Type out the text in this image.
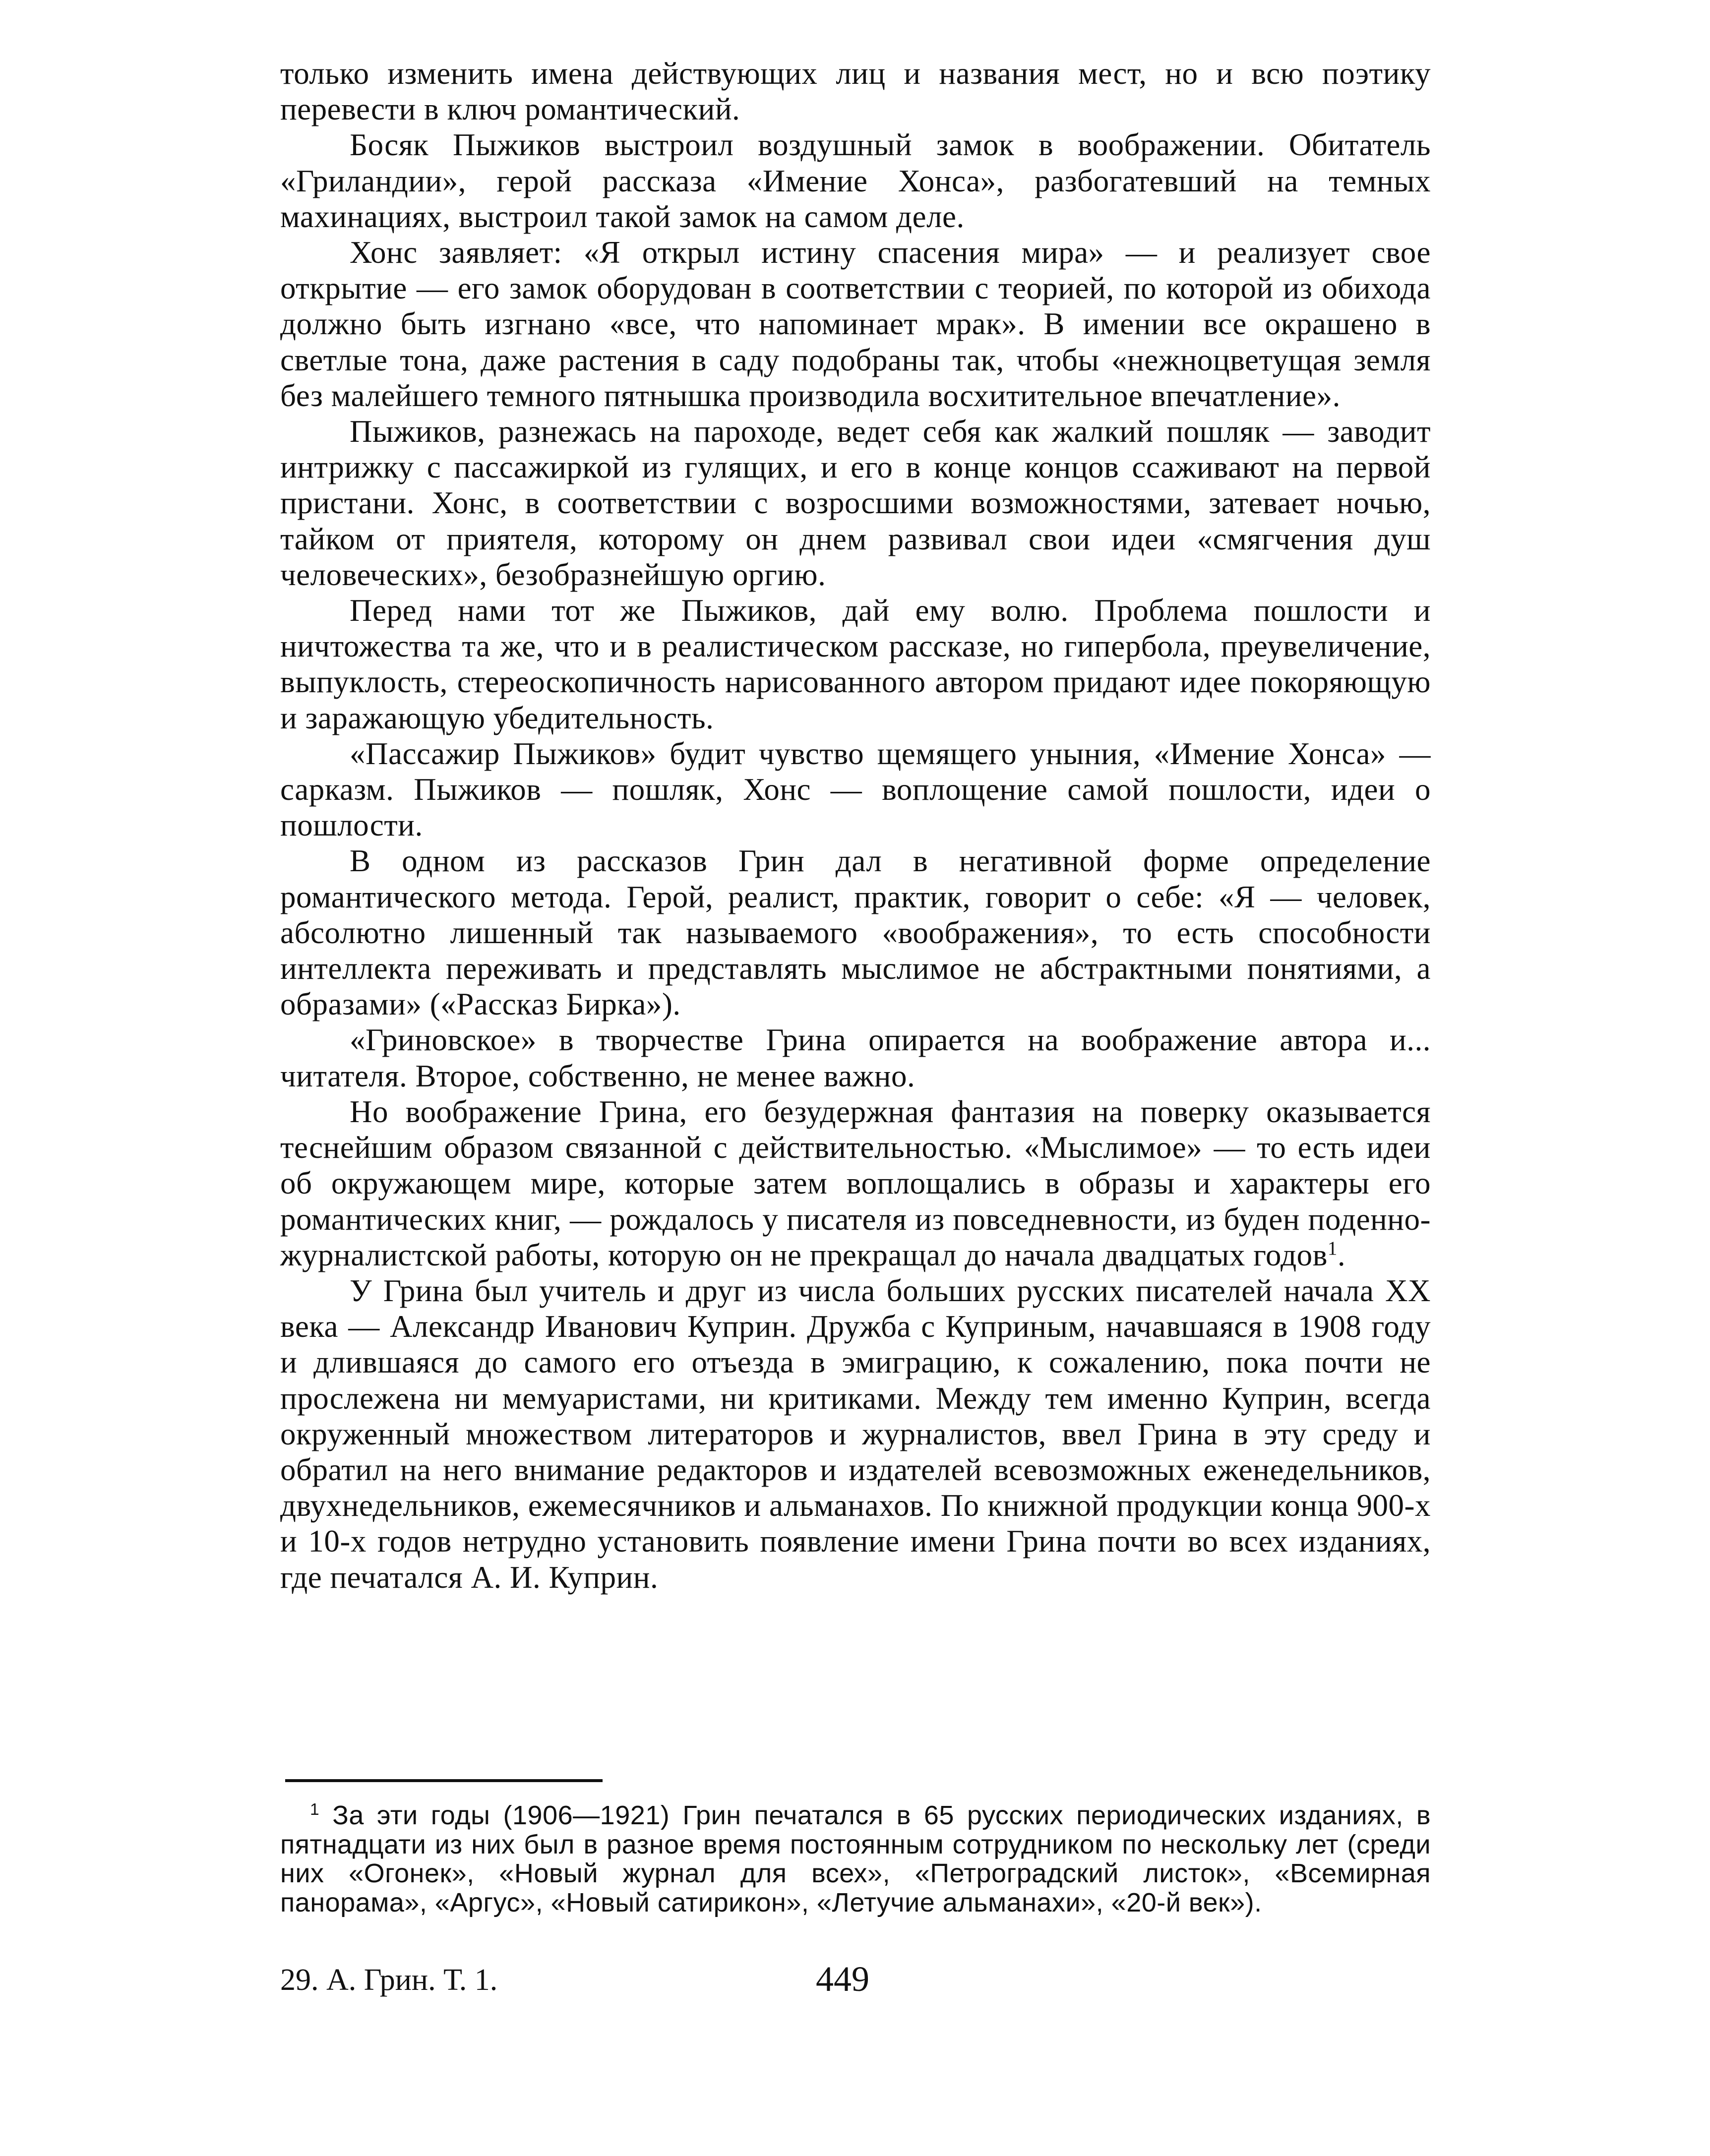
только изменить имена действующих лиц и названия мест, но и всю поэтику перевести в ключ романтический.

Босяк Пыжиков выстроил воздушный замок в воображении. Обитатель «Грилaндии», герой рассказа «Имение Хонса», разбогатевший на темных махинациях, выстроил такой замок на самом деле.

Хонс заявляет: «Я открыл истину спасения мира» — и реализует свое открытие — его замок оборудован в соответствии с теорией, по которой из обихода должно быть изгнано «все, что напоминает мрак». В имении все окрашено в светлые тона, даже растения в саду подобраны так, чтобы «нежноцветущая земля без малейшего темного пятнышка производила восхитительное впечатление».

Пыжиков, разнежась на пароходе, ведет себя как жалкий пошляк — заводит интрижку с пассажиркой из гулящих, и его в конце концов ссаживают на первой пристани. Хонс, в соответствии с возросшими возможностями, затевает ночью, тайком от приятеля, которому он днем развивал свои идеи «смягчения душ человеческих», безобразнейшую оргию.

Перед нами тот же Пыжиков, дай ему волю. Проблема пошлости и ничтожества та же, что и в реалистическом рассказе, но гипербола, преувеличение, выпуклость, стереоскопичность нарисованного автором придают идее покоряющую и заражающую убедительность.

«Пассажир Пыжиков» будит чувство щемящего уныния, «Имение Хонса» — сарказм. Пыжиков — пошляк, Хонс — воплощение самой пошлости, идеи о пошлости.

В одном из рассказов Грин дал в негативной форме определение романтического метода. Герой, реалист, практик, говорит о себе: «Я — человек, абсолютно лишенный так называемого «воображения», то есть способности интеллекта переживать и представлять мыслимое не абстрактными понятиями, а образами» («Рассказ Бирка»).

«Гриновское» в творчестве Грина опирается на воображение автора и... читателя. Второе, собственно, не менее важно.

Но воображение Грина, его безудержная фантазия на поверку оказывается теснейшим образом связанной с действительностью. «Мыслимое» — то есть идеи об окружающем мире, которые затем воплощались в образы и характеры его романтических книг, — рождалось у писателя из повседневности, из буден поденно-журналистской работы, которую он не прекращал до начала двадцатых годов$^1$.

У Грина был учитель и друг из числа больших русских писателей начала XX века — Александр Иванович Куприн. Дружба с Куприным, начавшаяся в 1908 году и длившаяся до самого его отъезда в эмиграцию, к сожалению, пока почти не прослежена ни мемуаристами, ни критиками. Между тем именно Куприн, всегда окруженный множеством литераторов и журналистов, ввел Грина в эту среду и обратил на него внимание редакторов и издателей всевозможных еженедельников, двухнедельников, ежемесячников и альманахов. По книжной продукции конца 900-х и 10-х годов нетрудно установить появление имени Грина почти во всех изданиях, где печатался А. И. Куприн.

$^1$ За эти годы (1906—1921) Грин печатался в 65 русских периодических изданиях, в пятнадцати из них был в разное время постоянным сотрудником по нескольку лет (среди них «Огонек», «Новый журнал для всех», «Петроградский листок», «Всемирная панорама», «Аргус», «Новый сатирикон», «Летучие альманахи», «20-й век»).

29. А. Грин. Т. 1.	449
